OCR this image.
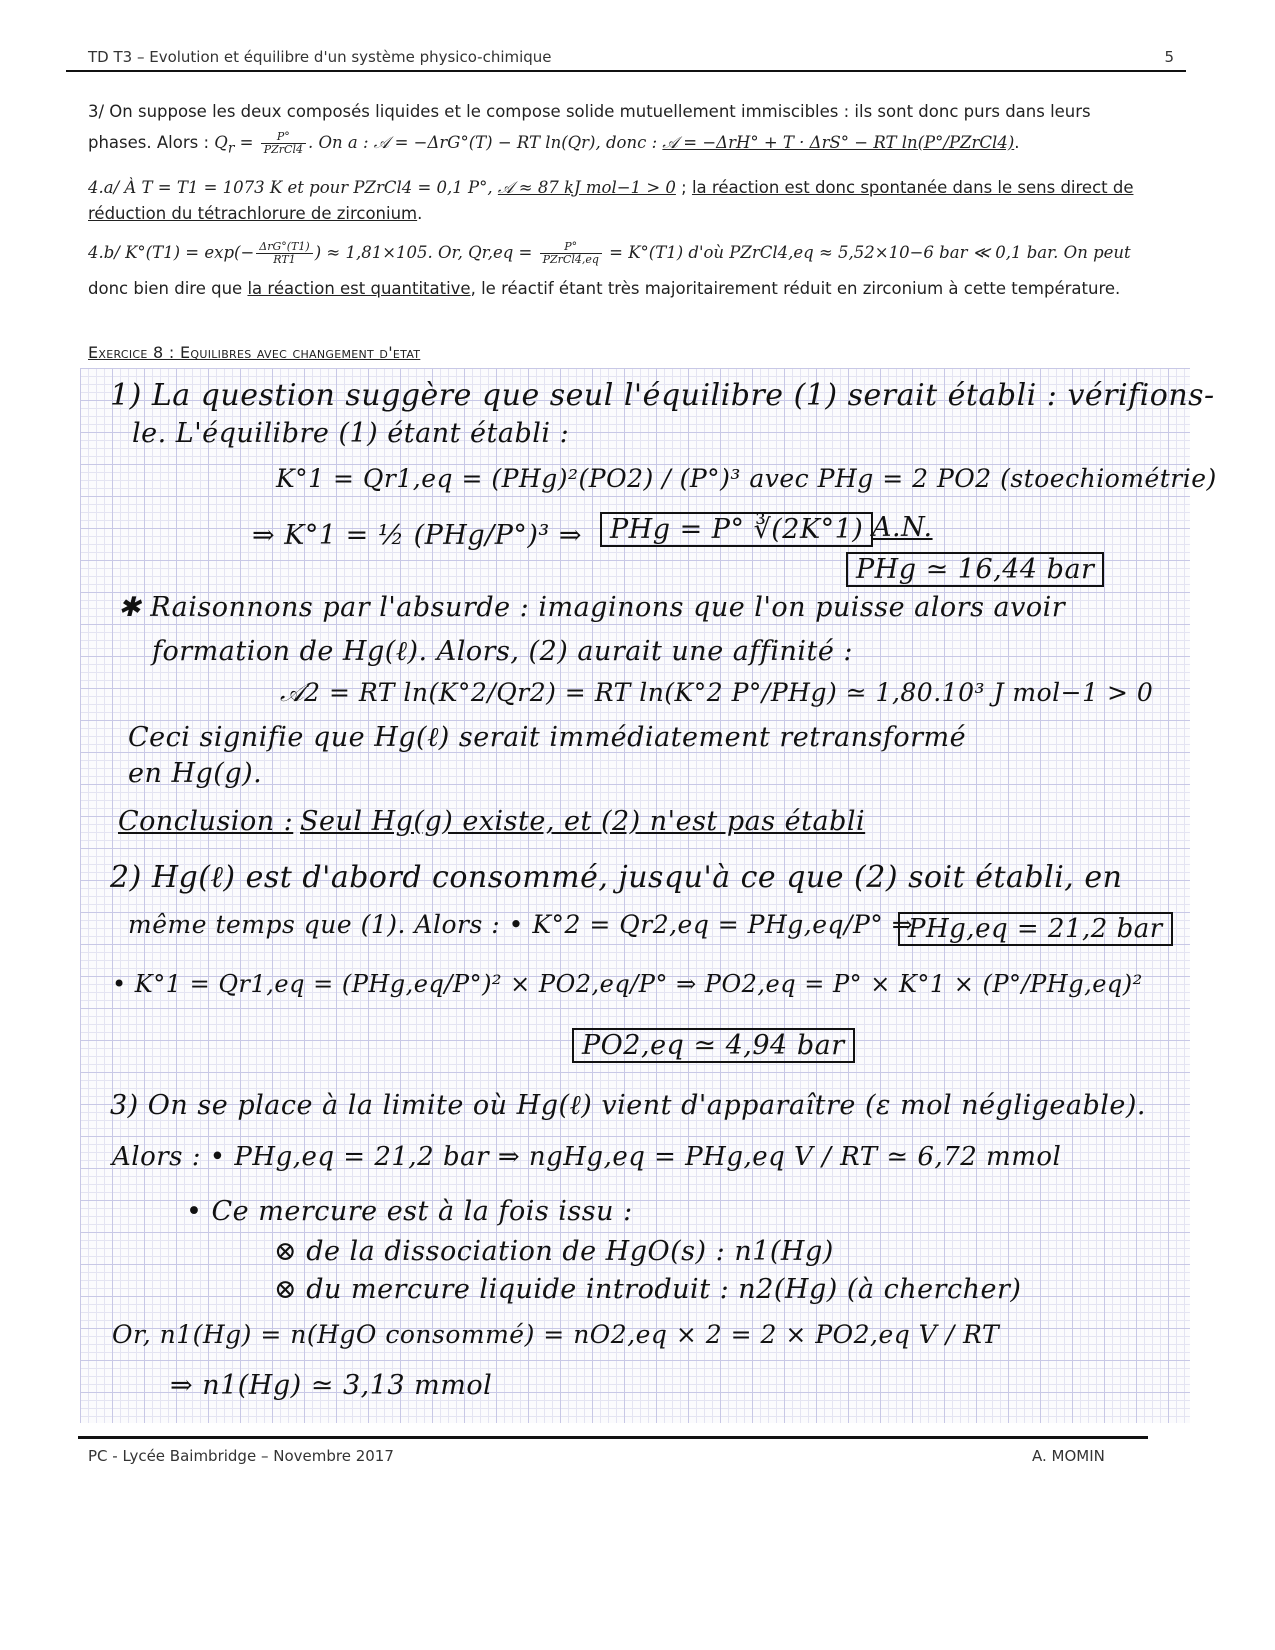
TD T3 – Evolution et équilibre d'un système physico-chimique	5
3/ On suppose les deux composés liquides et le compose solide mutuellement immiscibles : ils sont donc purs dans leurs
phases. Alors : $Q_r = \frac{P^\circ}{\text{PZrCl4}}$ . On a : 𝒜 = −ΔrG°(T) − RT ln(Qr), donc : 𝒜 = −ΔrH° + T · ΔrS° − RT ln(P°/PZrCl4).
4.a/ À T = T1 = 1073 K et pour PZrCl4 = 0,1 P°, 𝒜 ≈ 87 kJ mol−1 > 0 ; la réaction est donc spontanée dans le sens direct de
réduction du tétrachlorure de zirconium.
4.b/ $K^\circ(T1) = \exp(- \frac{\text{ΔrG°(T1)}}{RT1}$ ) ≈ 1,81×105. Or, $Qr,eq = \frac{P^\circ}{\text{PZrCl4,eq}} = K^\circ(T1)$ d'où PZrCl4,eq ≈ 5,52×10−6 bar ≪ 0,1 bar. On peut
donc bien dire que la réaction est quantitative, le réactif étant très majoritairement réduit en zirconium à cette température.
Exercice 8 : Equilibres avec changement d'etat
1) La question suggère que seul l'équilibre (1) serait établi : vérifions-
le. L'équilibre (1) étant établi :
K°1 = Qr1,eq = (PHg)²(PO2) / (P°)³ avec PHg = 2 PO2 (stoechiométrie)
⇒ K°1 = ½ (PHg/P°)³ ⇒	PHg = P° ∛(2K°1) A.N.
PHg ≃ 16,44 bar
✱ Raisonnons par l'absurde : imaginons que l'on puisse alors avoir
formation de Hg(ℓ). Alors, (2) aurait une affinité :
𝒜2 = RT ln(K°2/Qr2) = RT ln(K°2 P°/PHg) ≃ 1,80.10³ J mol−1 > 0
Ceci signifie que Hg(ℓ) serait immédiatement retransformé
en Hg(g).
Conclusion : Seul Hg(g) existe, et (2) n'est pas établi
2) Hg(ℓ) est d'abord consommé, jusqu'à ce que (2) soit établi, en
même temps que (1). Alors : • K°2 = Qr2,eq = PHg,eq/P° ⇒
PHg,eq = 21,2 bar
• K°1 = Qr1,eq = (PHg,eq/P°)² × PO2,eq/P° ⇒ PO2,eq = P° × K°1 × (P°/PHg,eq)²
PO2,eq ≃ 4,94 bar
3) On se place à la limite où Hg(ℓ) vient d'apparaître (ε mol négligeable).
Alors : • PHg,eq = 21,2 bar ⇒ ngHg,eq = PHg,eq V / RT ≃ 6,72 mmol
• Ce mercure est à la fois issu :
⊗ de la dissociation de HgO(s) : n1(Hg)
⊗ du mercure liquide introduit : n2(Hg) (à chercher)
Or, n1(Hg) = n(HgO consommé) = nO2,eq × 2 = 2 × PO2,eq V / RT
⇒ n1(Hg) ≃ 3,13 mmol
PC - Lycée Baimbridge – Novembre 2017	A. MOMIN
